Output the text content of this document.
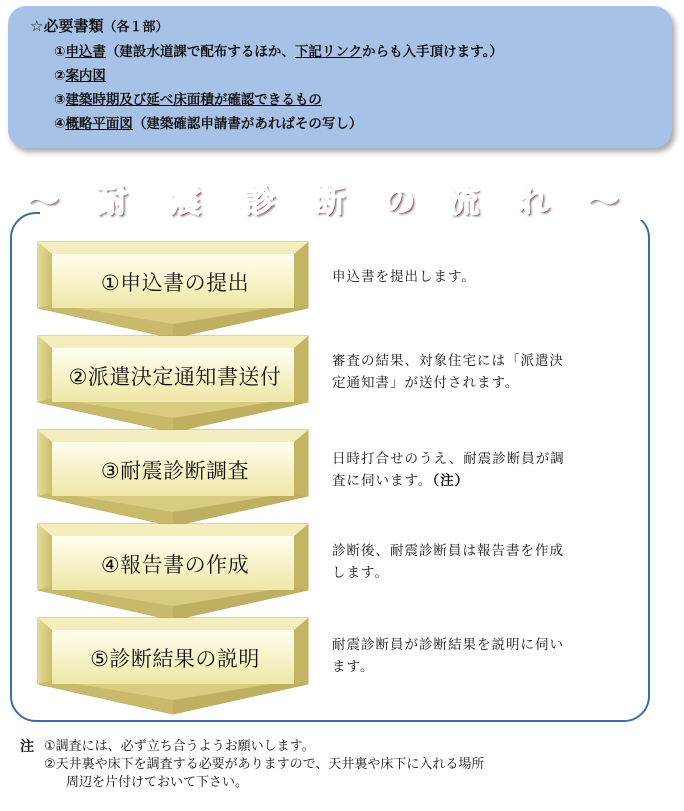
☆必要書類（各１部）
①申込書（建設水道課で配布するほか、下記リンクからも入手頂けます。）
②案内図
③建築時期及び延べ床面積が確認できるもの
④概略平面図（建築確認申請書があればその写し）
～ 耐 震 診 断 の 流 れ ～
①申込書の提出	申込書を提出します。
②派遣決定通知書送付
審査の結果、対象住宅には「派遣決
定通知書」が送付されます。
③耐震診断調査	日時打合せのうえ、耐震診断員が調
査に伺います。（注）
④報告書の作成
診断後、耐震診断員は報告書を作成
します。
⑤診断結果の説明
耐震診断員が診断結果を説明に伺い
ます。
注 ①調査には、必ず立ち合うようお願いします。
②天井裏や床下を調査する必要がありますので、天井裏や床下に入れる場所
周辺を片付けておいて下さい。
